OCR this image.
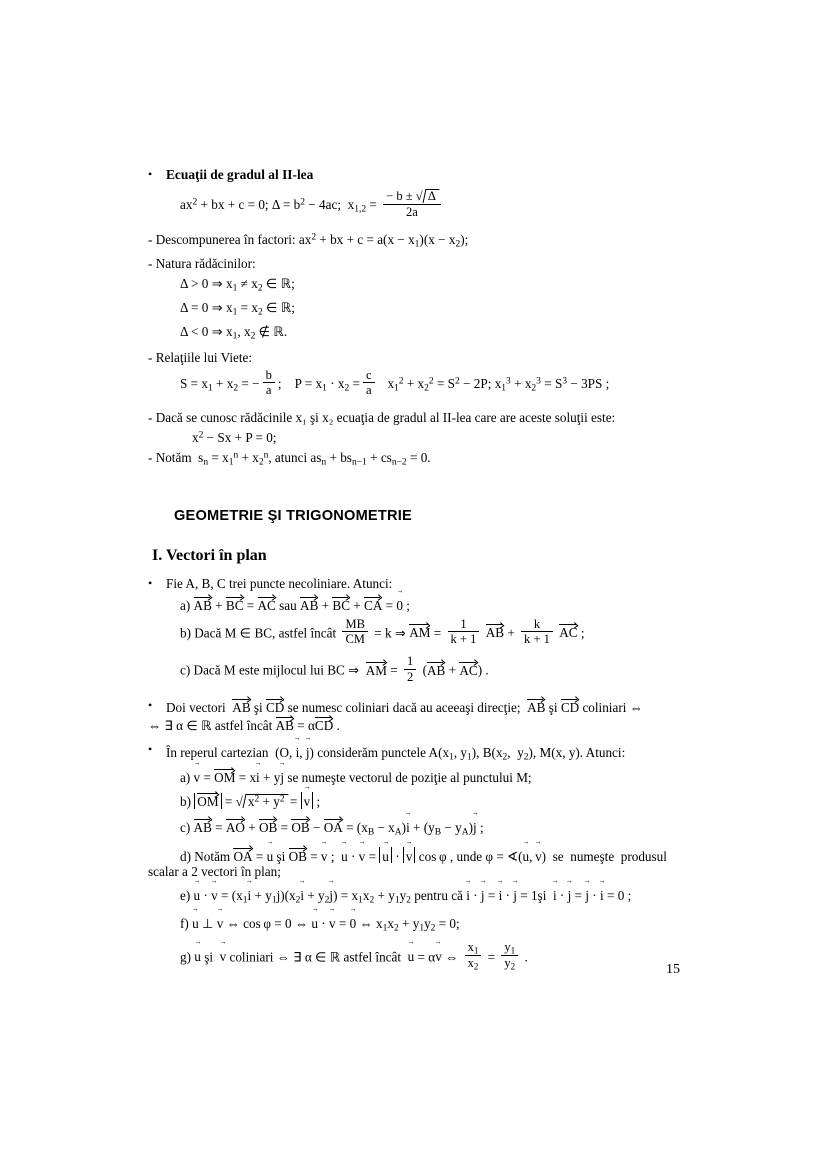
•	Ecuaţii de gradul al II-lea
$ax^2$ + bx + c = 0; $\Delta = b^2 - 4ac$;  $x_{1,2} = \frac{- b \pm √ \Delta}{2a}$
- Descompunerea în factori: $ax^2$ + bx + $c = a(x - x_1)(x - x_2)$;
- Natura rădăcinilor:
Δ > 0 ⇒ $x_1 \ne x_2$ ∈ ℝ;
Δ = 0 ⇒ $x_1 = x_2$ ∈ ℝ;
Δ < 0 ⇒ $x_1$, $x_2$ ∉ ℝ.
- Relaţiile lui Viete:
$S = x_1 + x_2$ = − $\frac{b}{a}$ ;    $P = x_1 \cdot x_2 = \frac{c}{a} x_1^2 + x_2^2 = S^2 - 2P$; $x_1^3 + x_2^3 = S^3 - 3PS$ ;
- Dacă se cunosc rădăcinile x₁ şi x₂ ecuaţia de gradul al II-lea care are aceste soluţii este:
$x^2 - Sx + P = 0$;
- Notăm  $s_n = x_1^n + x_2^n$, atunci $as_n + bs_{n-1} + cs_{n-2} = 0$.
GEOMETRIE ŞI TRIGONOMETRIE
I. Vectori în plan
•	Fie A, B, C trei puncte necoliniare. Atunci:
a) AB + BC = AC sau AB + BC + CA = 0 → ;
b) Dacă M ∈ BC, astfel încât $\frac{MB}{CM} = k$ ⇒ AM = $\frac{1}{k + 1}$ AB + $\frac{k}{k + 1}$ AC ;
c) Dacă M este mijlocul lui BC ⇒  AM = $\frac{1}{2} (AB + AC)$ .
•	Doi vectori  AB şi CD se numesc coliniari dacă au aceeaşi direcţie;  AB şi CD coliniari ⇔
⇔ ∃ α ∈ ℝ astfel încât AB = αCD .
•	În reperul cartezian  (O, i →, j →) considerăm punctele $A(x_1$, $y_1$), $B(x_2$,  $y_2$), M(x, y). Atunci:
a) v → = OM = xi → + yj → se numeşte vectorul de poziţie al punctului M;
b) OM = √ $x^2 + y^2 = v$ → ;
c) AB = AO + OB = OB − OA = $(x_B - x_A)i$ → + $(y_B - y_A)j$ → ;
d) Notăm OA = u → şi OB = v → ;  u → · v → = u → · v → cos φ , unde φ = ∢(u →, v →)  se  numeşte  produsul
scalar a 2 vectori în plan;
e) u → · v → = ($x_1i$ → + $y_1j)(x_2i$ → + $y_2j$ →) = $x_1x_2 + y_1y_2$ pentru că i → · j → = i → · j → = 1şi  i → · j → = j → · i → = 0 ;
f) u → ⊥ v → ⇔ cos φ = 0 ⇔ u → · v → = 0 → ⇔ $x_1x_2 + y_1y_2 = 0$;
g) u → şi  v → coliniari ⇔ ∃ α ∈ ℝ astfel încât  u → = αv → ⇔ $\frac{x_1}{x_2} = \frac{y_1}{y_2}$ .
15
